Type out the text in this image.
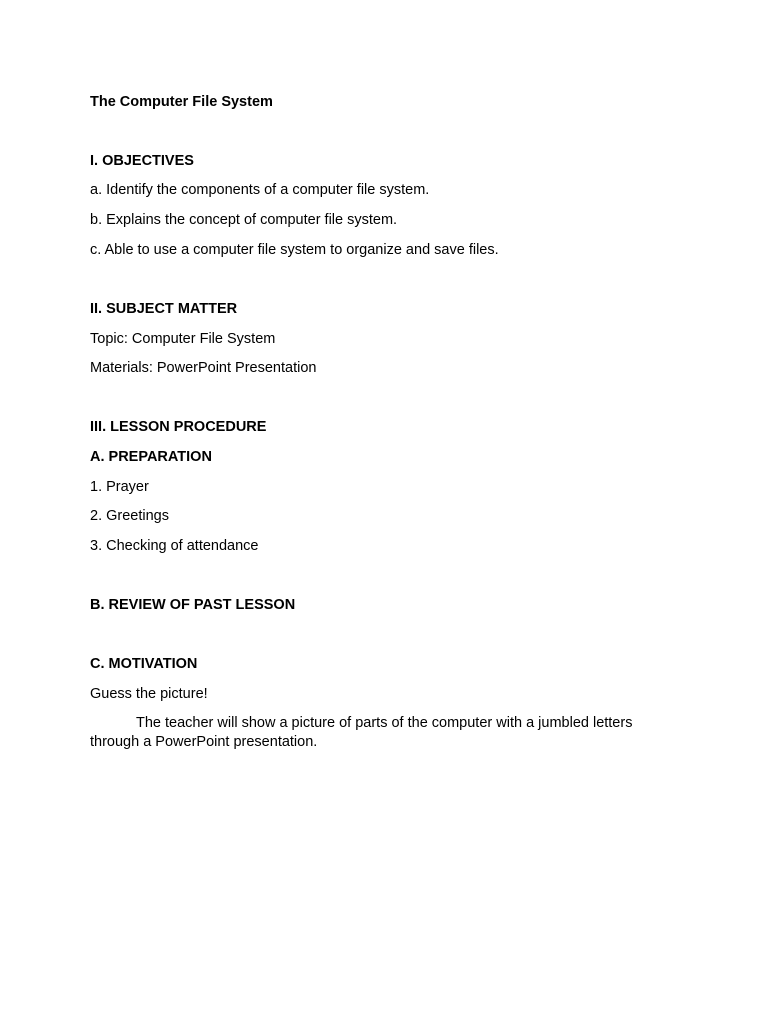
The Computer File System
I. OBJECTIVES
a. Identify the components of a computer file system.
b. Explains the concept of computer file system.
c. Able to use a computer file system to organize and save files.
II. SUBJECT MATTER
Topic: Computer File System
Materials: PowerPoint Presentation
III. LESSON PROCEDURE
A. PREPARATION
1. Prayer
2. Greetings
3. Checking of attendance
B. REVIEW OF PAST LESSON
C. MOTIVATION
Guess the picture!
The teacher will show a picture of parts of the computer with a jumbled letters through a PowerPoint presentation.
